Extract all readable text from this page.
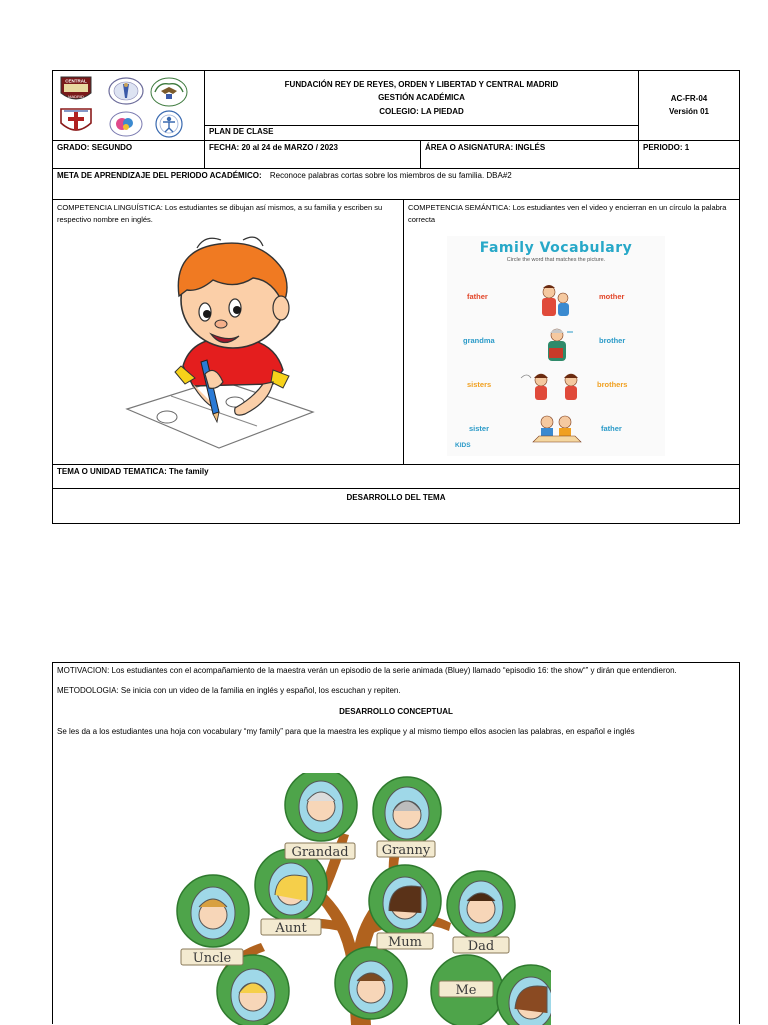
CENTRAL
MADRID
FUNDACIÓN REY DE REYES, ORDEN Y LIBERTAD Y CENTRAL MADRID
GESTIÓN ACADÉMICA
COLEGIO: LA PIEDAD
PLAN DE CLASE
AC-FR-04
Versión 01
GRADO: SEGUNDO	FECHA: 20 al 24 de MARZO / 2023	ÁREA O ASIGNATURA: INGLÉS	PERIODO: 1
META DE APRENDIZAJE DEL PERIODO ACADÉMICO: Reconoce palabras cortas sobre los miembros de su familia. DBA#2
COMPETENCIA LINGUÍSTICA: Los estudiantes se dibujan así mismos, a su familia y escriben su respectivo nombre en inglés.
COMPETENCIA SEMÁNTICA: Los estudiantes ven el video y encierran en un círculo la palabra correcta
Family Vocabulary
Circle the word that matches the picture.
father	mother
grandma	brother
sisters	brothers
sister	father
KIDS
TEMA O UNIDAD TEMATICA: The family
DESARROLLO DEL TEMA
MOTIVACION: Los estudiantes con el acompañamiento de la maestra verán un episodio de la serie animada (Bluey) llamado “episodio 16: the show“” y dirán que entendieron.
METODOLOGIA: Se inicia con un video de la familia en inglés y español, los escuchan y repiten.
DESARROLLO CONCEPTUAL
Se les da a los estudiantes una hoja con vocabulary “my family” para que la maestra les explique y al mismo tiempo ellos asocien las palabras, en español e inglés
Grandad	Granny
Aunt
Mum	Dad
Uncle
Me
